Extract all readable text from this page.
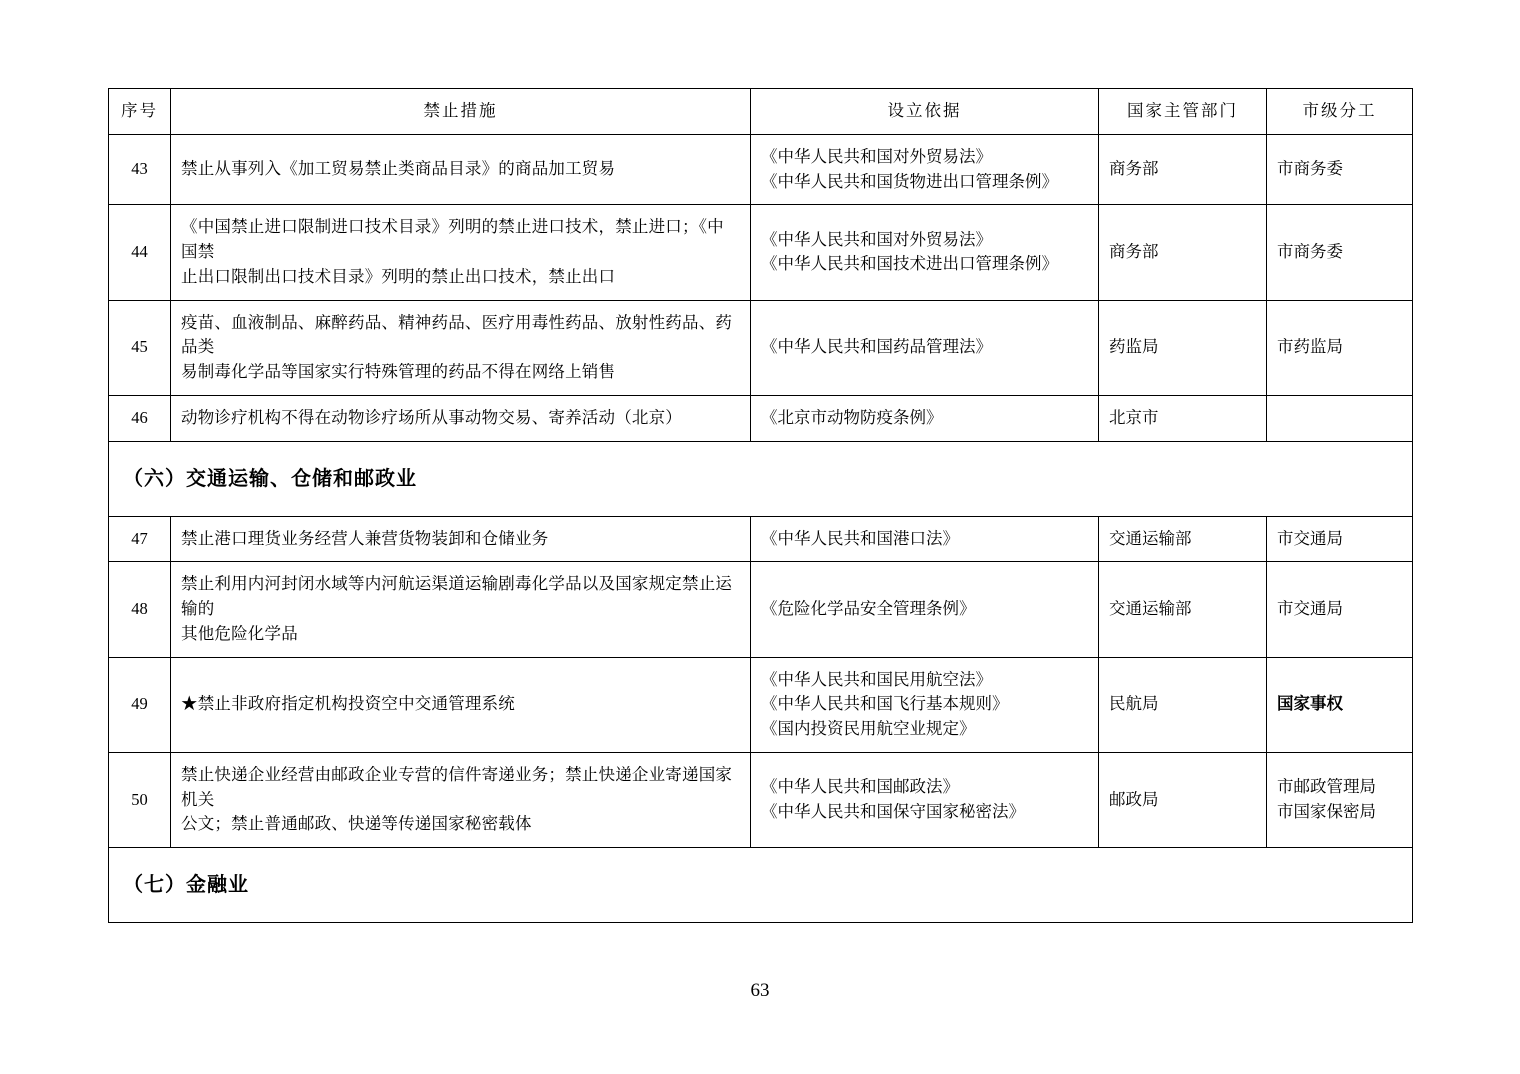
序号	禁止措施	设立依据	国家主管部门	市级分工
43	禁止从事列入《加工贸易禁止类商品目录》的商品加工贸易	《中华人民共和国对外贸易法》
《中华人民共和国货物进出口管理条例》	商务部	市商务委
44	《中国禁止进口限制进口技术目录》列明的禁止进口技术，禁止进口；《中国禁
止出口限制出口技术目录》列明的禁止出口技术，禁止出口	《中华人民共和国对外贸易法》
《中华人民共和国技术进出口管理条例》	商务部	市商务委
45	疫苗、血液制品、麻醉药品、精神药品、医疗用毒性药品、放射性药品、药品类
易制毒化学品等国家实行特殊管理的药品不得在网络上销售	《中华人民共和国药品管理法》	药监局	市药监局
46	动物诊疗机构不得在动物诊疗场所从事动物交易、寄养活动（北京）	《北京市动物防疫条例》	北京市	
（六）交通运输、仓储和邮政业				
47	禁止港口理货业务经营人兼营货物装卸和仓储业务	《中华人民共和国港口法》	交通运输部	市交通局
48	禁止利用内河封闭水域等内河航运渠道运输剧毒化学品以及国家规定禁止运输的
其他危险化学品	《危险化学品安全管理条例》	交通运输部	市交通局
49	★禁止非政府指定机构投资空中交通管理系统	《中华人民共和国民用航空法》
《中华人民共和国飞行基本规则》
《国内投资民用航空业规定》	民航局	国家事权
50	禁止快递企业经营由邮政企业专营的信件寄递业务；禁止快递企业寄递国家机关
公文；禁止普通邮政、快递等传递国家秘密载体	《中华人民共和国邮政法》
《中华人民共和国保守国家秘密法》	邮政局	市邮政管理局
市国家保密局

（七）金融业				
63
